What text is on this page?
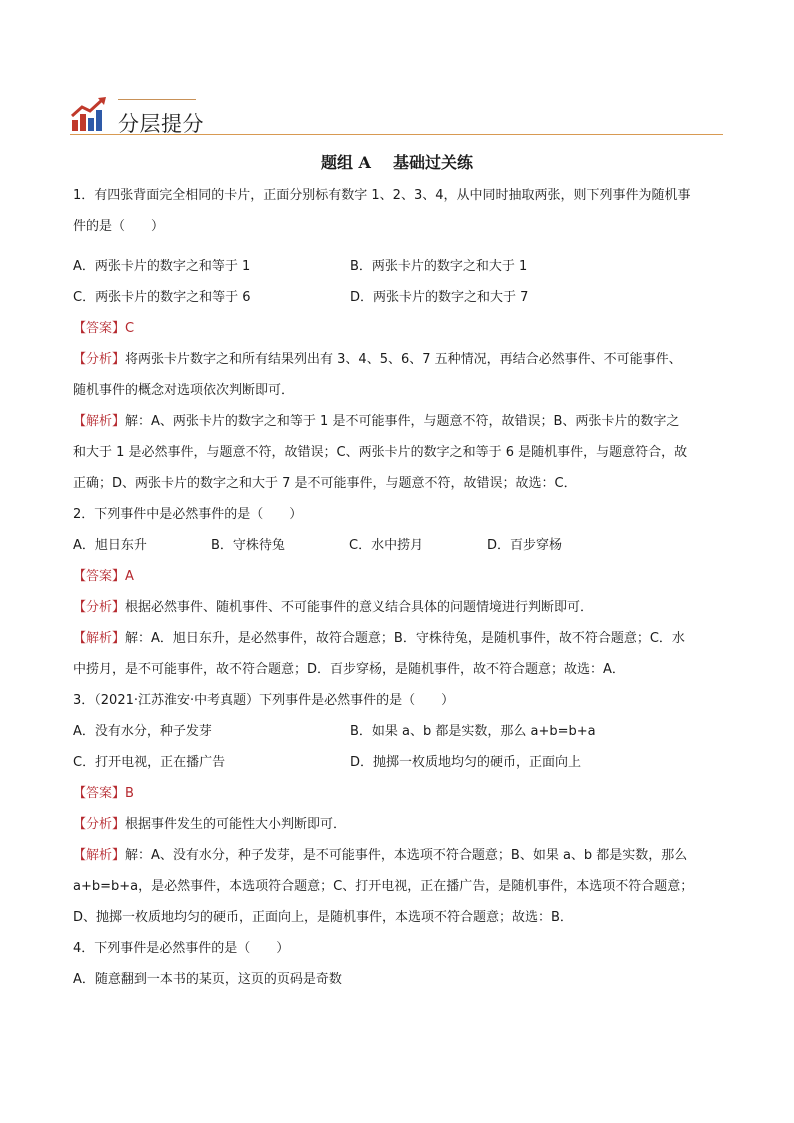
分层提分
题组 A 基础过关练

1．有四张背面完全相同的卡片，正面分别标有数字 1、2、3、4，从中同时抽取两张，则下列事件为随机事

件的是（　　）

A．两张卡片的数字之和等于 1	B．两张卡片的数字之和大于 1
C．两张卡片的数字之和等于 6	D．两张卡片的数字之和大于 7

【答案】C

【分析】将两张卡片数字之和所有结果列出有 3、4、5、6、7 五种情况，再结合必然事件、不可能事件、

随机事件的概念对选项依次判断即可．

【解析】解：A、两张卡片的数字之和等于 1 是不可能事件，与题意不符，故错误；B、两张卡片的数字之

和大于 1 是必然事件，与题意不符，故错误；C、两张卡片的数字之和等于 6 是随机事件，与题意符合，故

正确；D、两张卡片的数字之和大于 7 是不可能事件，与题意不符，故错误；故选：C．

2．下列事件中是必然事件的是（　　）

A．旭日东升	B．守株待兔	C．水中捞月	D．百步穿杨

【答案】A

【分析】根据必然事件、随机事件、不可能事件的意义结合具体的问题情境进行判断即可．

【解析】解：A．旭日东升，是必然事件，故符合题意；B．守株待兔，是随机事件，故不符合题意；C．水

中捞月，是不可能事件，故不符合题意；D．百步穿杨，是随机事件，故不符合题意；故选：A．

3．（2021·江苏淮安·中考真题）下列事件是必然事件的是（　　）

A．没有水分，种子发芽	B．如果 a、b 都是实数，那么 a+b=b+a
C．打开电视，正在播广告	D．抛掷一枚质地均匀的硬币，正面向上

【答案】B

【分析】根据事件发生的可能性大小判断即可．

【解析】解：A、没有水分，种子发芽，是不可能事件，本选项不符合题意；B、如果 a、b 都是实数，那么

a+b=b+a，是必然事件，本选项符合题意；C、打开电视，正在播广告，是随机事件，本选项不符合题意；

D、抛掷一枚质地均匀的硬币，正面向上，是随机事件，本选项不符合题意；故选：B．

4．下列事件是必然事件的是（　　）

A．随意翻到一本书的某页，这页的页码是奇数
